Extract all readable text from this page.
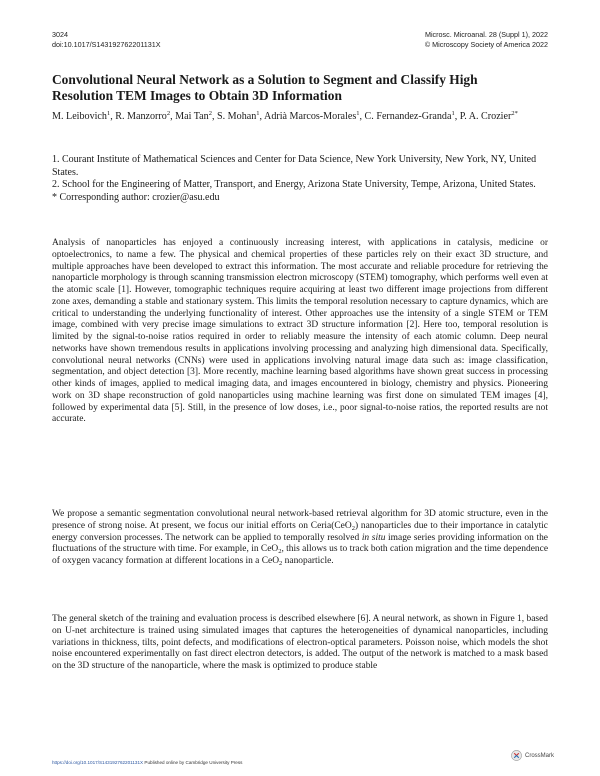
3024
doi:10.1017/S143192762201131X
Microsc. Microanal. 28 (Suppl 1), 2022
© Microscopy Society of America 2022
Convolutional Neural Network as a Solution to Segment and Classify High Resolution TEM Images to Obtain 3D Information
M. Leibovich$^1$, R. Manzorro$^2$, Mai Tan$^2$, S. Mohan$^1$, Adrià Marcos-Morales$^1$, C. Fernandez-Granda$^1$, P. A. Crozier$^{2*}$
1. Courant Institute of Mathematical Sciences and Center for Data Science, New York University, New York, NY, United States.
2. School for the Engineering of Matter, Transport, and Energy, Arizona State University, Tempe, Arizona, United States.
* Corresponding author: crozier@asu.edu
Analysis of nanoparticles has enjoyed a continuously increasing interest, with applications in catalysis, medicine or optoelectronics, to name a few. The physical and chemical properties of these particles rely on their exact 3D structure, and multiple approaches have been developed to extract this information. The most accurate and reliable procedure for retrieving the nanoparticle morphology is through scanning transmission electron microscopy (STEM) tomography, which performs well even at the atomic scale [1]. However, tomographic techniques require acquiring at least two different image projections from different zone axes, demanding a stable and stationary system. This limits the temporal resolution necessary to capture dynamics, which are critical to understanding the underlying functionality of interest. Other approaches use the intensity of a single STEM or TEM image, combined with very precise image simulations to extract 3D structure information [2]. Here too, temporal resolution is limited by the signal-to-noise ratios required in order to reliably measure the intensity of each atomic column. Deep neural networks have shown tremendous results in applications involving processing and analyzing high dimensional data. Specifically, convolutional neural networks (CNNs) were used in applications involving natural image data such as: image classification, segmentation, and object detection [3]. More recently, machine learning based algorithms have shown great success in processing other kinds of images, applied to medical imaging data, and images encountered in biology, chemistry and physics. Pioneering work on 3D shape reconstruction of gold nanoparticles using machine learning was first done on simulated TEM images [4], followed by experimental data [5]. Still, in the presence of low doses, i.e., poor signal-to-noise ratios, the reported results are not accurate.
We propose a semantic segmentation convolutional neural network-based retrieval algorithm for 3D atomic structure, even in the presence of strong noise. At present, we focus our initial efforts on Ceria(CeO$_2$) nanoparticles due to their importance in catalytic energy conversion processes. The network can be applied to temporally resolved in situ image series providing information on the fluctuations of the structure with time. For example, in CeO$_2$, this allows us to track both cation migration and the time dependence of oxygen vacancy formation at different locations in a CeO$_2$ nanoparticle.
The general sketch of the training and evaluation process is described elsewhere [6]. A neural network, as shown in Figure 1, based on U-net architecture is trained using simulated images that captures the heterogeneities of dynamical nanoparticles, including variations in thickness, tilts, point defects, and modifications of electron-optical parameters. Poisson noise, which models the shot noise encountered experimentally on fast direct electron detectors, is added. The output of the network is matched to a mask based on the 3D structure of the nanoparticle, where the mask is optimized to produce stable
https://doi.org/10.1017/S143192762201131X Published online by Cambridge University Press
CrossMark
